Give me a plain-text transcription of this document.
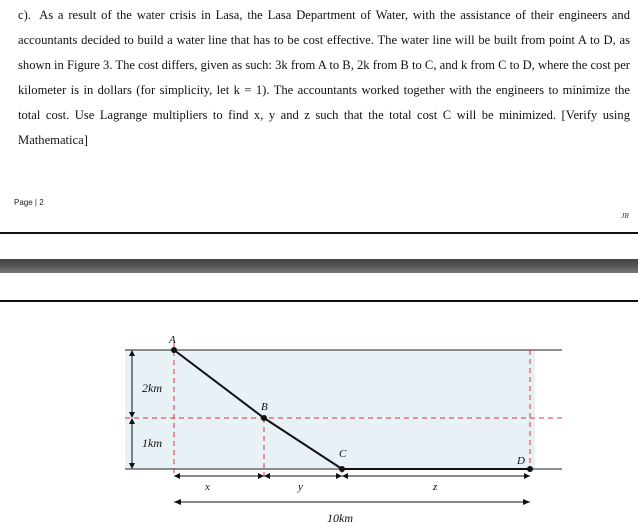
c). As a result of the water crisis in Lasa, the Lasa Department of Water, with the assistance of their engineers and accountants decided to build a water line that has to be cost effective. The water line will be built from point A to D, as shown in Figure 3. The cost differs, given as such: 3k from A to B, 2k from B to C, and k from C to D, where the cost per kilometer is in dollars (for simplicity, let k = 1). The accountants worked together with the engineers to minimize the total cost. Use Lagrange multipliers to find x, y and z such that the total cost C will be minimized. [Verify using Mathematica]
Page | 2
JR
2km
1km
A
B
C
D
x	y	z
10km
